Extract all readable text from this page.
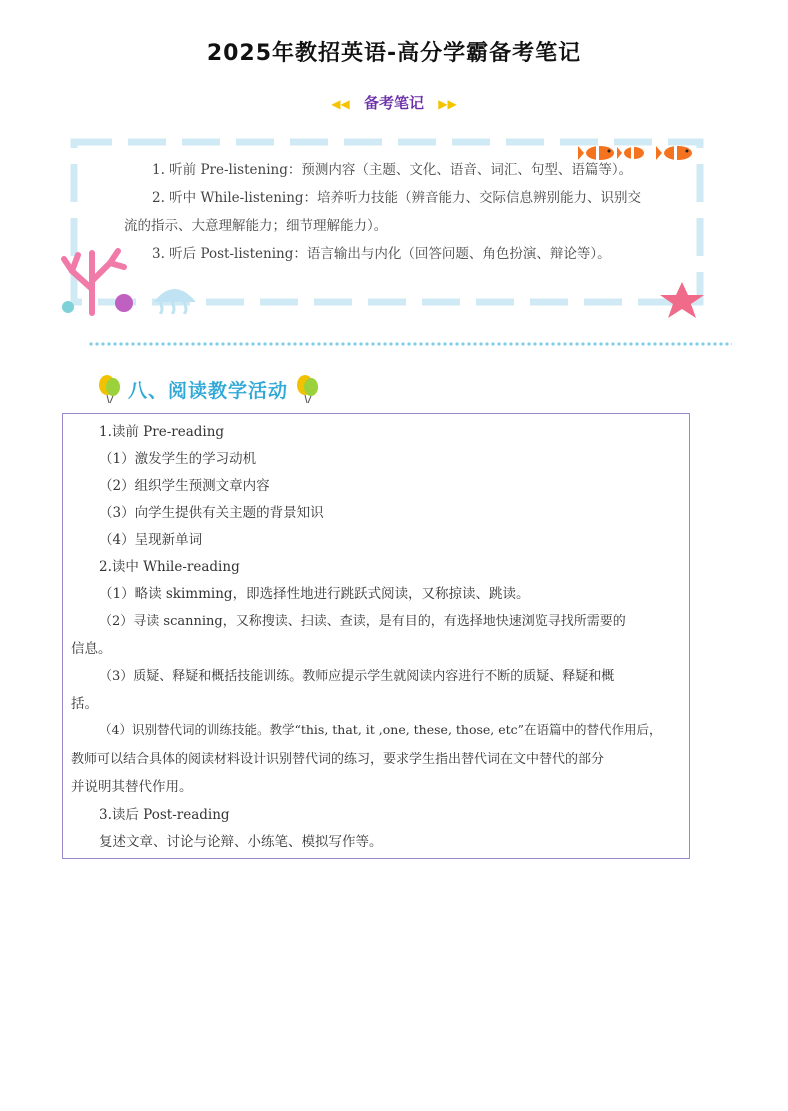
2025年教招英语-高分学霸备考笔记
◀◀ 备考笔记 ▶▶
1. 听前 Pre-listening：预测内容（主题、文化、语音、词汇、句型、语篇等）。
2. 听中 While-listening：培养听力技能（辨音能力、交际信息辨别能力、识别交
流的指示、大意理解能力；细节理解能力）。
3. 听后 Post-listening：语言输出与内化（回答问题、角色扮演、辩论等）。
八、阅读教学活动
1.读前 Pre-reading
（1）激发学生的学习动机
（2）组织学生预测文章内容
（3）向学生提供有关主题的背景知识
（4）呈现新单词
2.读中 While-reading
（1）略读 skimming，即选择性地进行跳跃式阅读，又称掠读、跳读。
（2）寻读 scanning，又称搜读、扫读、查读，是有目的，有选择地快速浏览寻找所需要的
信息。
（3）质疑、释疑和概括技能训练。教师应提示学生就阅读内容进行不断的质疑、释疑和概
括。
（4）识别替代词的训练技能。教学“this, that, it ,one, these, those, etc”在语篇中的替代作用后，
教师可以结合具体的阅读材料设计识别替代词的练习，要求学生指出替代词在文中替代的部分
并说明其替代作用。
3.读后 Post-reading
复述文章、讨论与论辩、小练笔、模拟写作等。
